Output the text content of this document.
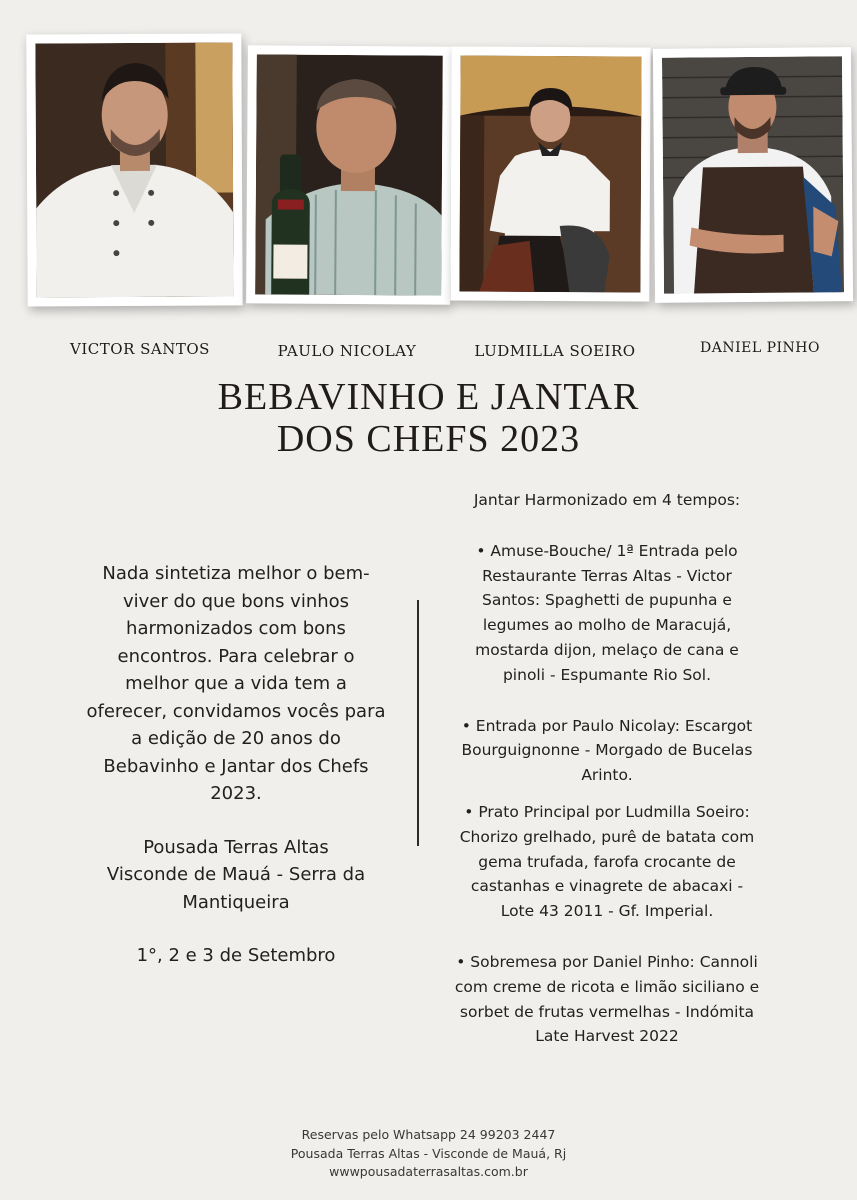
VICTOR SANTOS	PAULO NICOLAY	LUDMILLA SOEIRO	DANIEL PINHO
BEBAVINHO E JANTAR
DOS CHEFS 2023

Nada sintetiza melhor o bem-viver do que bons vinhos harmonizados com bons encontros. Para celebrar o melhor que a vida tem a oferecer, convidamos vocês para a edição de 20 anos do Bebavinho e Jantar dos Chefs 2023.

Pousada Terras Altas
Visconde de Mauá - Serra da Mantiqueira

1°, 2 e 3 de Setembro

Jantar Harmonizado em 4 tempos:

• Amuse-Bouche/ 1ª Entrada pelo Restaurante Terras Altas - Victor Santos: Spaghetti de pupunha e legumes ao molho de Maracujá, mostarda dijon, melaço de cana e pinoli - Espumante Rio Sol.

• Entrada por Paulo Nicolay: Escargot Bourguignonne - Morgado de Bucelas Arinto.

• Prato Principal por Ludmilla Soeiro: Chorizo grelhado, purê de batata com gema trufada, farofa crocante de castanhas e vinagrete de abacaxi - Lote 43 2011 - Gf. Imperial.

• Sobremesa por Daniel Pinho: Cannoli com creme de ricota e limão siciliano e sorbet de frutas vermelhas - Indómita Late Harvest 2022

Reservas pelo Whatsapp 24 99203 2447
Pousada Terras Altas - Visconde de Mauá, Rj
wwwpousadaterrasaltas.com.br
